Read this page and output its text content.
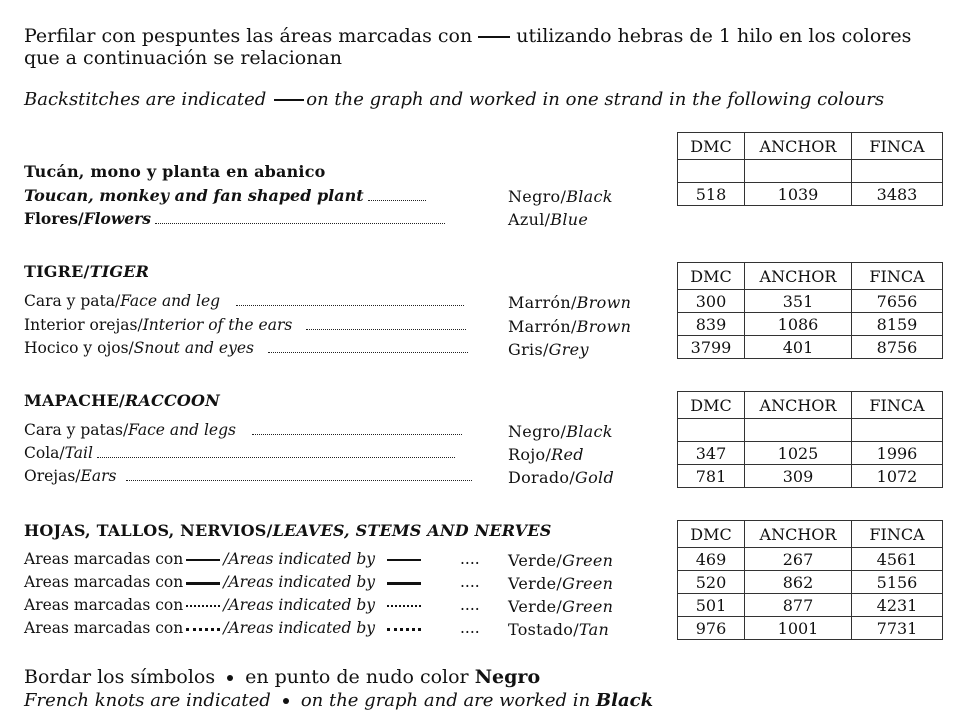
Perfilar con pespuntes las áreas marcadas con utilizando hebras de 1 hilo en los colores
que a continuación se relacionan
Backstitches are indicated on the graph and worked in one strand in the following colours
Tucán, mono y planta en abanico
Toucan, monkey and fan shaped plant	Negro/Black
Flores/Flowers	Azul/Blue
DMC	ANCHOR	FINCA

518	1039	3483
TIGRE/TIGER
Cara y pata/Face and leg	Marrón/Brown
Interior orejas/Interior of the ears	Marrón/Brown
Hocico y ojos/Snout and eyes	Gris/Grey
DMC	ANCHOR	FINCA
300	351	7656
839	1086	8159
3799	401	8756
MAPACHE/RACCOON
Cara y patas/Face and legs	Negro/Black
Cola/Tail	Rojo/Red
Orejas/Ears	Dorado/Gold
DMC	ANCHOR	FINCA

347	1025	1996
781	309	1072
HOJAS, TALLOS, NERVIOS/LEAVES, STEMS AND NERVES
Areas marcadas con	/Areas indicated by	.... Verde/Green
Areas marcadas con	/Areas indicated by	.... Verde/Green
Areas marcadas con	/Areas indicated by	.... Verde/Green
Areas marcadas con	/Areas indicated by	.... Tostado/Tan
DMC	ANCHOR	FINCA
469	267	4561
520	862	5156
501	877	4231
976	1001	7731
Bordar los símbolos en punto de nudo color Negro
French knots are indicated on the graph and are worked in Black
